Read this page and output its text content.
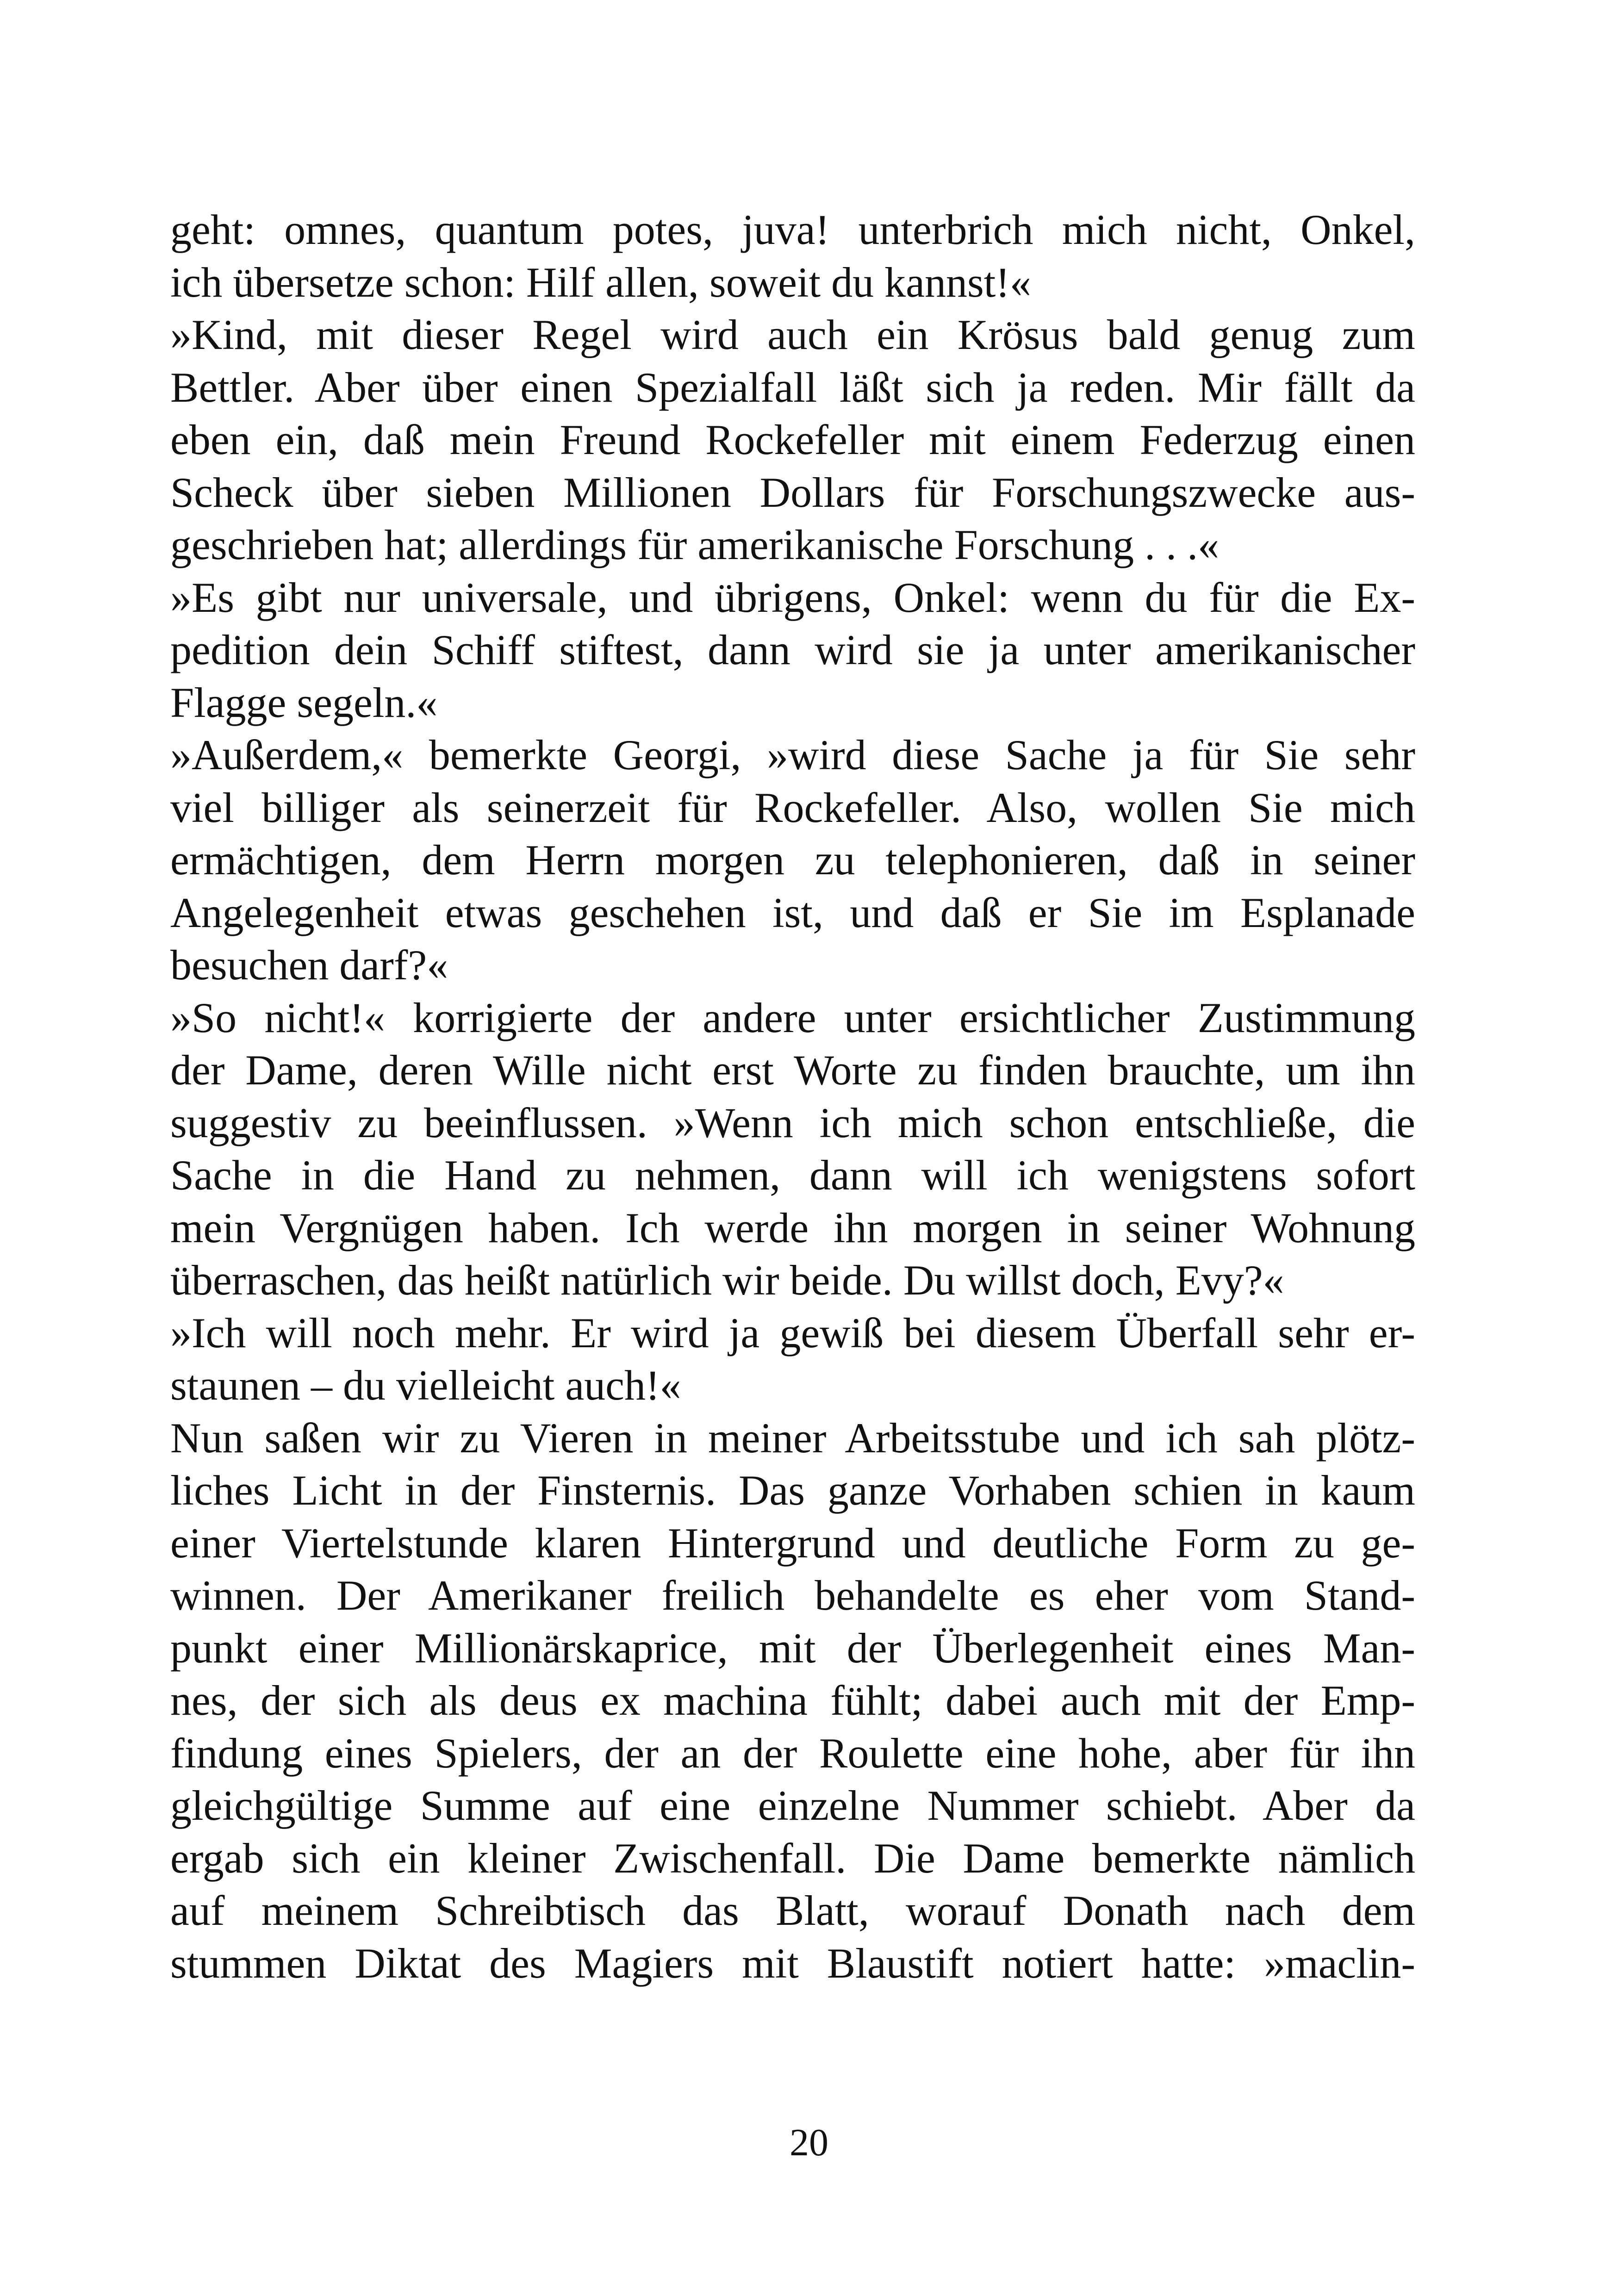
geht: omnes, quantum potes, juva! unterbrich mich nicht, Onkel,
ich übersetze schon: Hilf allen, soweit du kannst!«
»Kind, mit dieser Regel wird auch ein Krösus bald genug zum
Bettler. Aber über einen Spezialfall läßt sich ja reden. Mir fällt da
eben ein, daß mein Freund Rockefeller mit einem Federzug einen
Scheck über sieben Millionen Dollars für Forschungszwecke aus-
geschrieben hat; allerdings für amerikanische Forschung . . .«
»Es gibt nur universale, und übrigens, Onkel: wenn du für die Ex-
pedition dein Schiff stiftest, dann wird sie ja unter amerikanischer
Flagge segeln.«
»Außerdem,« bemerkte Georgi, »wird diese Sache ja für Sie sehr
viel billiger als seinerzeit für Rockefeller. Also, wollen Sie mich
ermächtigen, dem Herrn morgen zu telephonieren, daß in seiner
Angelegenheit etwas geschehen ist, und daß er Sie im Esplanade
besuchen darf?«
»So nicht!« korrigierte der andere unter ersichtlicher Zustimmung
der Dame, deren Wille nicht erst Worte zu finden brauchte, um ihn
suggestiv zu beeinflussen. »Wenn ich mich schon entschließe, die
Sache in die Hand zu nehmen, dann will ich wenigstens sofort
mein Vergnügen haben. Ich werde ihn morgen in seiner Wohnung
überraschen, das heißt natürlich wir beide. Du willst doch, Evy?«
»Ich will noch mehr. Er wird ja gewiß bei diesem Überfall sehr er-
staunen – du vielleicht auch!«
Nun saßen wir zu Vieren in meiner Arbeitsstube und ich sah plötz-
liches Licht in der Finsternis. Das ganze Vorhaben schien in kaum
einer Viertelstunde klaren Hintergrund und deutliche Form zu ge-
winnen. Der Amerikaner freilich behandelte es eher vom Stand-
punkt einer Millionärskaprice, mit der Überlegenheit eines Man-
nes, der sich als deus ex machina fühlt; dabei auch mit der Emp-
findung eines Spielers, der an der Roulette eine hohe, aber für ihn
gleichgültige Summe auf eine einzelne Nummer schiebt. Aber da
ergab sich ein kleiner Zwischenfall. Die Dame bemerkte nämlich
auf meinem Schreibtisch das Blatt, worauf Donath nach dem
stummen Diktat des Magiers mit Blaustift notiert hatte: »maclin-
20
